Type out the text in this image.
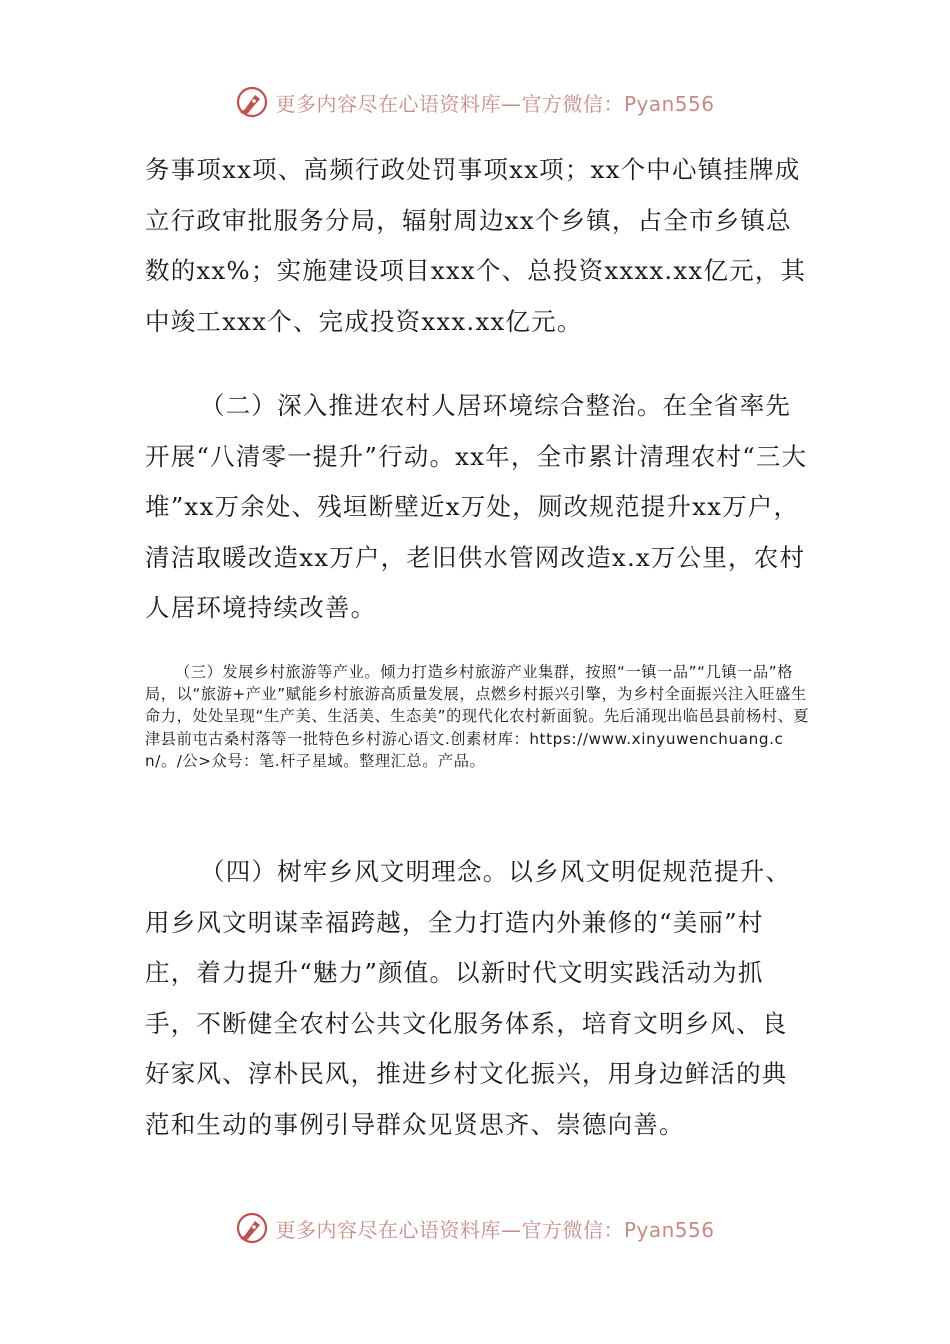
更多内容尽在心语资料库—官方微信：Pyan556

务事项xx项、高频行政处罚事项xx项；xx个中心镇挂牌成立行政审批服务分局，辐射周边xx个乡镇，占全市乡镇总数的xx%；实施建设项目xxx个、总投资xxxx.xx亿元，其中竣工xxx个、完成投资xxx.xx亿元。

（二）深入推进农村人居环境综合整治。在全省率先开展“八清零一提升”行动。xx年，全市累计清理农村“三大堆”xx万余处、残垣断壁近x万处，厕改规范提升xx万户，清洁取暖改造xx万户，老旧供水管网改造x.x万公里，农村人居环境持续改善。

（三）发展乡村旅游等产业。倾力打造乡村旅游产业集群，按照“一镇一品”“几镇一品”格局，以“旅游+产业”赋能乡村旅游高质量发展，点燃乡村振兴引擎，为乡村全面振兴注入旺盛生命力，处处呈现“生产美、生活美、生态美”的现代化农村新面貌。先后涌现出临邑县前杨村、夏津县前屯古桑村落等一批特色乡村游心语文.创素材库：https://www.xinyuwenchuang.cn/。/公>众号：笔.杆子星域。整理汇总。产品。

（四）树牢乡风文明理念。以乡风文明促规范提升、用乡风文明谋幸福跨越，全力打造内外兼修的“美丽”村庄，着力提升“魅力”颜值。以新时代文明实践活动为抓手，不断健全农村公共文化服务体系，培育文明乡风、良好家风、淳朴民风，推进乡村文化振兴，用身边鲜活的典范和生动的事例引导群众见贤思齐、崇德向善。

更多内容尽在心语资料库—官方微信：Pyan556
